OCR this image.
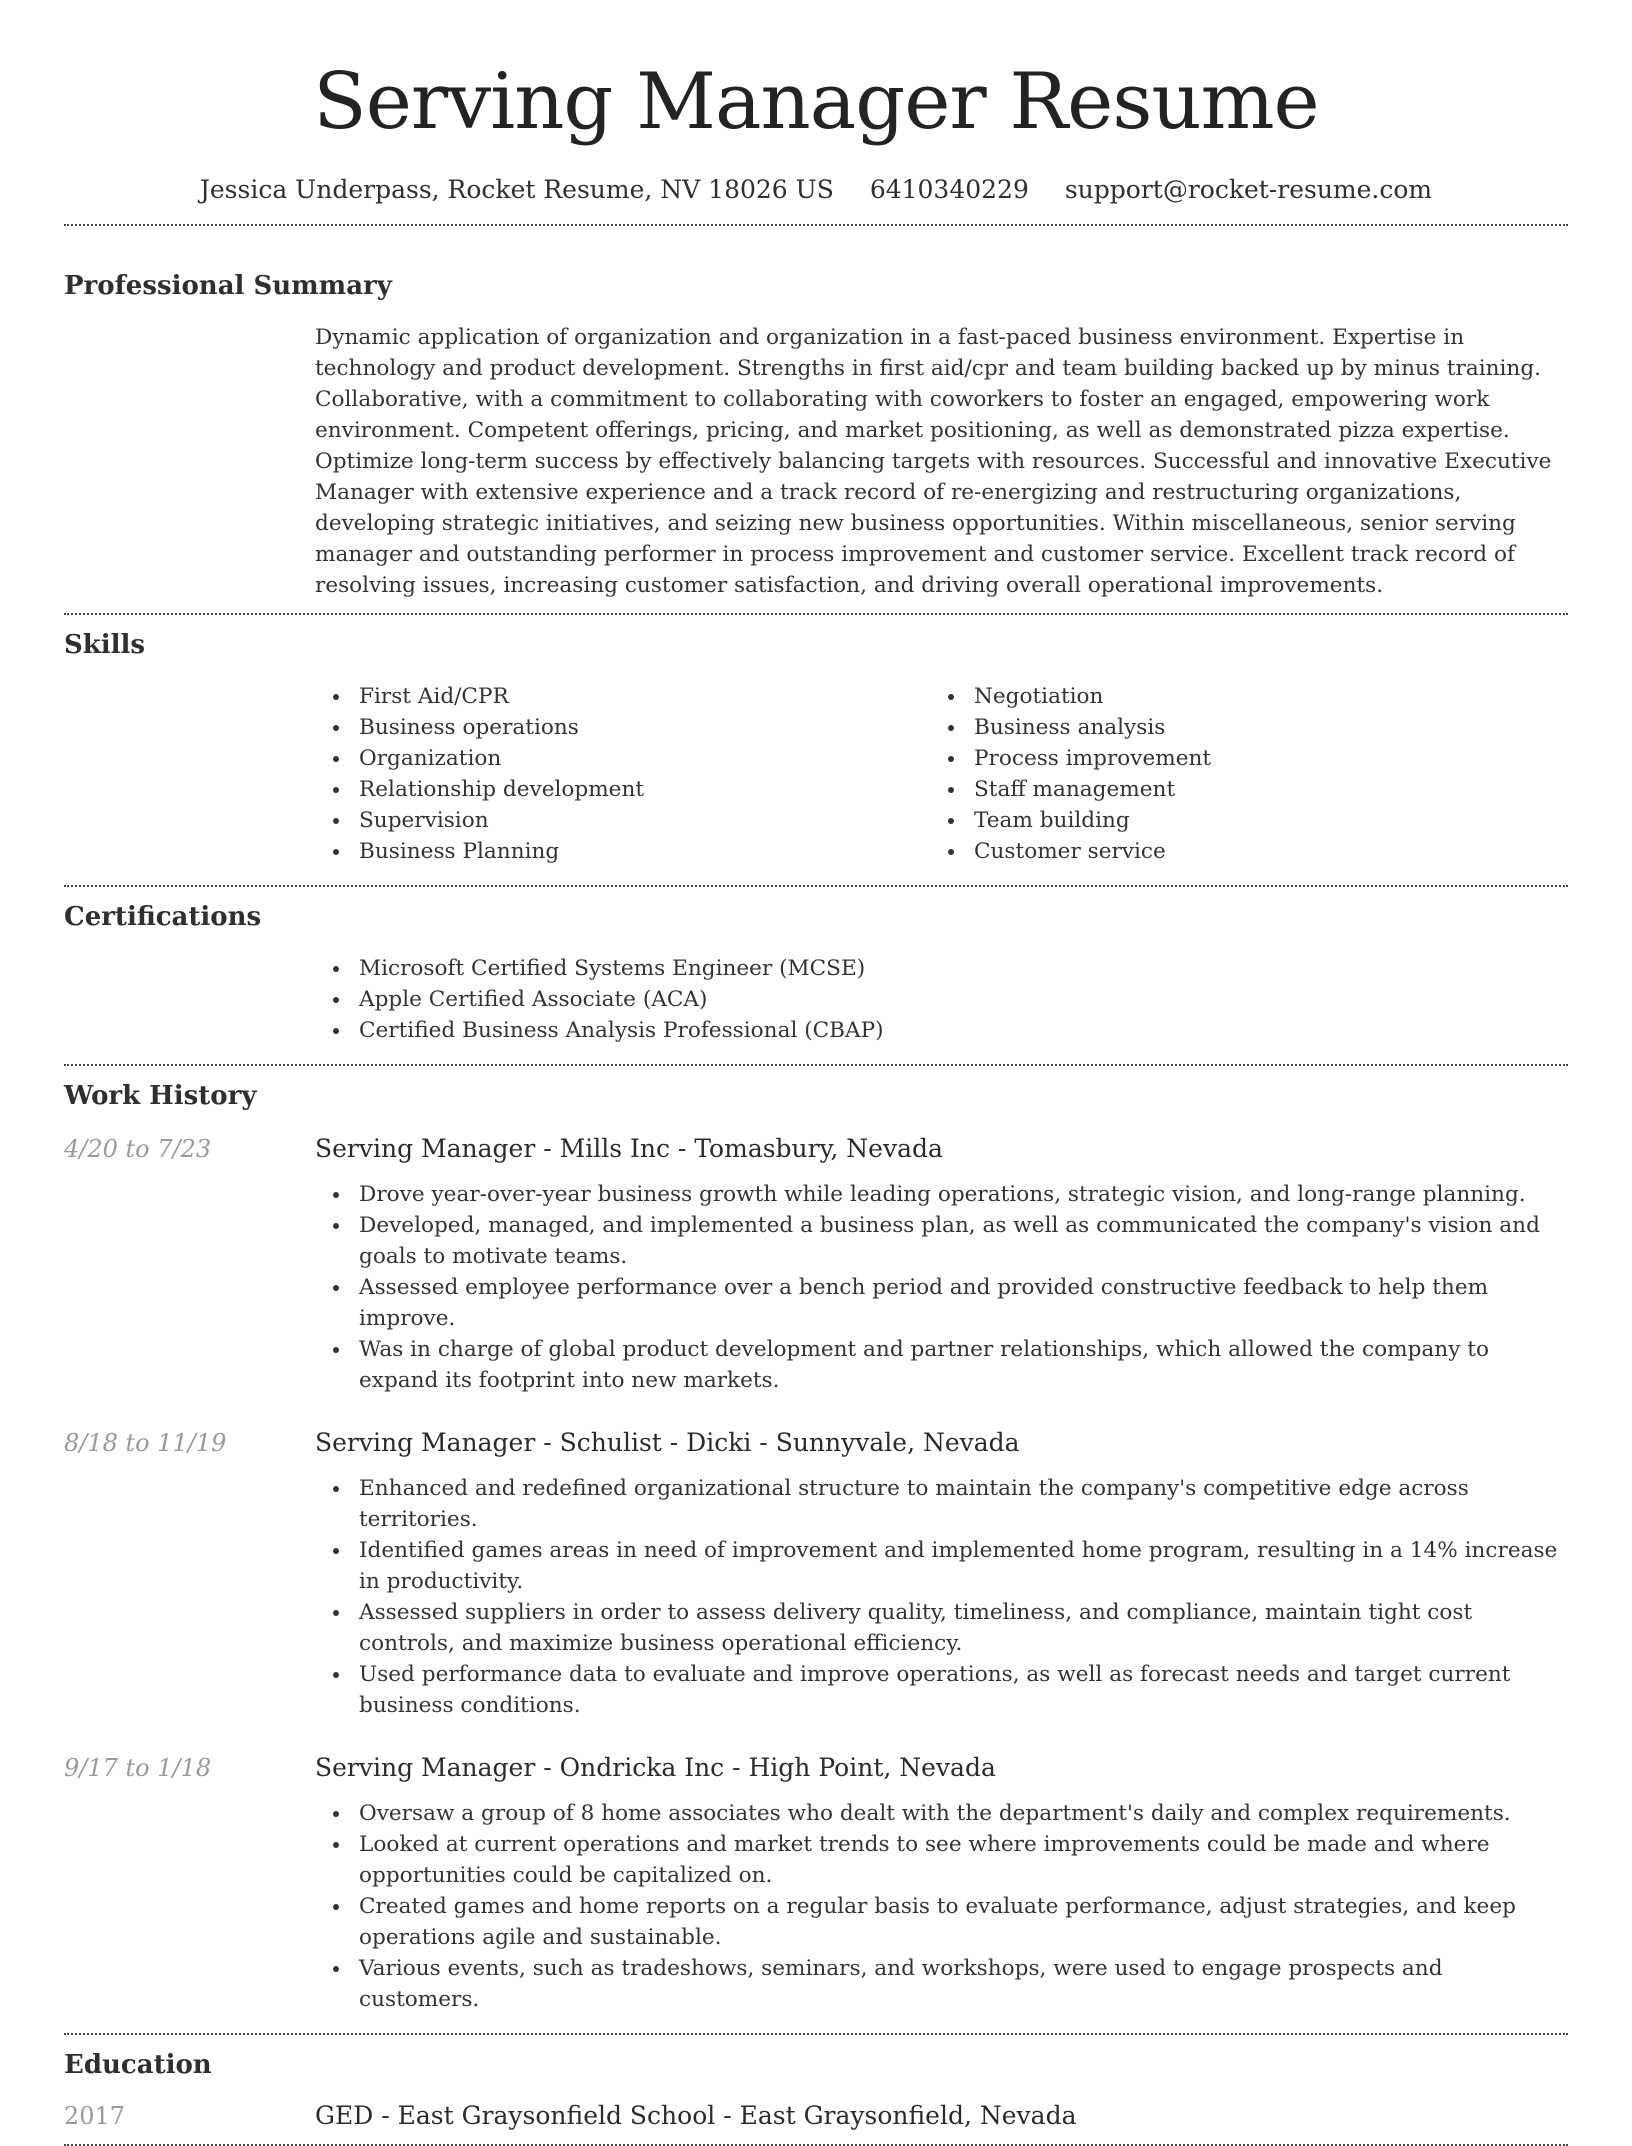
Serving Manager Resume
Jessica Underpass, Rocket Resume, NV 18026 US 6410340229 support@rocket-resume.com
Professional Summary

Dynamic application of organization and organization in a fast-paced business environment. Expertise in technology and product development. Strengths in first aid/cpr and team building backed up by minus training. Collaborative, with a commitment to collaborating with coworkers to foster an engaged, empowering work environment. Competent offerings, pricing, and market positioning, as well as demonstrated pizza expertise. Optimize long-term success by effectively balancing targets with resources. Successful and innovative Executive Manager with extensive experience and a track record of re-energizing and restructuring organizations, developing strategic initiatives, and seizing new business opportunities. Within miscellaneous, senior serving manager and outstanding performer in process improvement and customer service. Excellent track record of resolving issues, increasing customer satisfaction, and driving overall operational improvements.

Skills
First Aid/CPR
Business operations
Organization
Relationship development
Supervision
Business Planning
Negotiation
Business analysis
Process improvement
Staff management
Team building
Customer service
Certifications
Microsoft Certified Systems Engineer (MCSE)
Apple Certified Associate (ACA)
Certified Business Analysis Professional (CBAP)
Work History
4/20 to 7/23	Serving Manager - Mills Inc - Tomasbury, Nevada
Drove year-over-year business growth while leading operations, strategic vision, and long-range planning.
Developed, managed, and implemented a business plan, as well as communicated the company's vision and goals to motivate teams.
Assessed employee performance over a bench period and provided constructive feedback to help them improve.
Was in charge of global product development and partner relationships, which allowed the company to expand its footprint into new markets.
8/18 to 11/19	Serving Manager - Schulist - Dicki - Sunnyvale, Nevada
Enhanced and redefined organizational structure to maintain the company's competitive edge across territories.
Identified games areas in need of improvement and implemented home program, resulting in a 14% increase in productivity.
Assessed suppliers in order to assess delivery quality, timeliness, and compliance, maintain tight cost controls, and maximize business operational efficiency.
Used performance data to evaluate and improve operations, as well as forecast needs and target current business conditions.
9/17 to 1/18	Serving Manager - Ondricka Inc - High Point, Nevada
Oversaw a group of 8 home associates who dealt with the department's daily and complex requirements.
Looked at current operations and market trends to see where improvements could be made and where opportunities could be capitalized on.
Created games and home reports on a regular basis to evaluate performance, adjust strategies, and keep operations agile and sustainable.
Various events, such as tradeshows, seminars, and workshops, were used to engage prospects and customers.
Education
2017	GED - East Graysonfield School - East Graysonfield, Nevada
